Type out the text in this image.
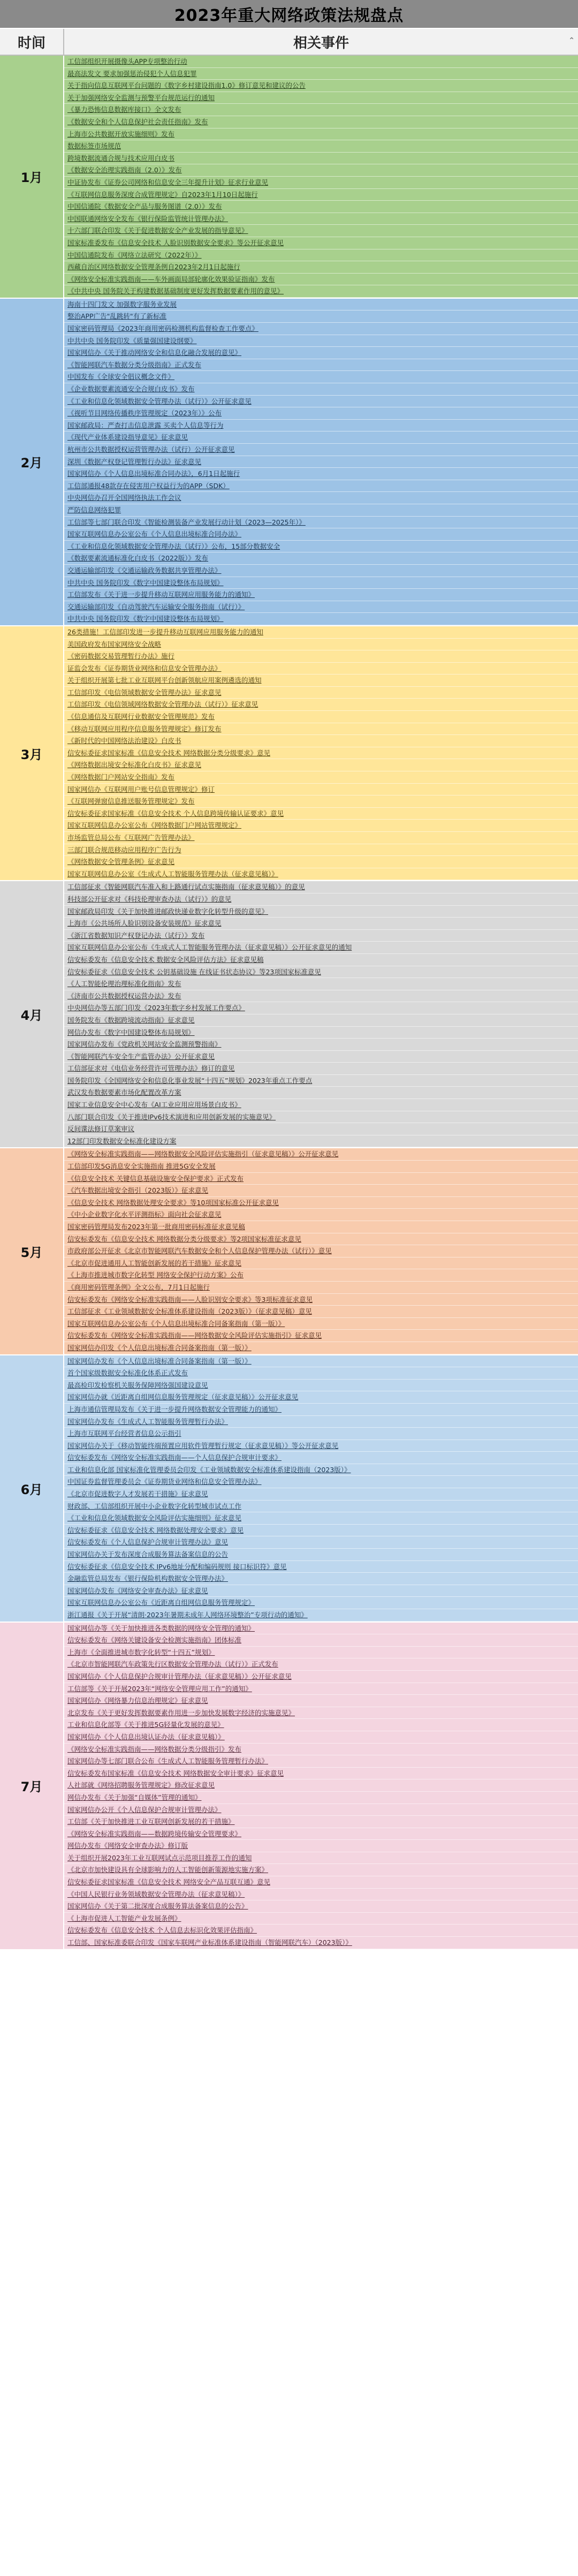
2023年重大网络政策法规盘点
时间	相关事件	⌃
1月
工信部组织开展摄像头APP专项整治行动
最高法发文 要求加强惩治侵犯个人信息犯罪
关于指向信息互联网平台问题的《数字乡村建设指南1.0》修订意见和建议的公告
关于加强网络安全监测与预警平台规范运行的通知
《暴力恐怖信息数据库接口》全文发布
《数据安全和个人信息保护社会责任指南》发布
上海市公共数据开放实施细则》发布
数据标签市场规范
跨境数据流通合规与技术应用白皮书
《数据安全治理实践指南（2.0）》发布
中证协发布《证券公司网络和信息安全三年提升计划》征求行业意见
《互联网信息服务深度合成管理规定》自2023年1月10日起施行
中国信通院《数据安全产品与服务图谱（2.0）》发布
中国联通网络安全发布《银行保险监管统计管理办法》
十六部门联合印发《关于促进数据安全产业发展的指导意见》
国家标准委发布《信息安全技术 人脸识别数据安全要求》等公开征求意见
中国信通院发布《网络立法研究（2022年）》
西藏自治区网络数据安全管理条例自2023年2月1日起施行
《网络安全标准实践指南——车外画面局部轮廓化效果验证指南》发布
《中共中央 国务院关于构建数据基础制度更好发挥数据要素作用的意见》
2月
海南十四门发文 加强数字服务业发展
整治APP广告"乱跳转"有了新标准
国家密码管理局《2023年商用密码检测机构监督检查工作要点》
中共中央 国务院印发《质量强国建设纲要》
国家网信办《关于推动网络安全和信息化融合发展的意见》
《智能网联汽车数据分类分级指南》正式发布
中国发布《全球安全倡议概念文件》
《企业数据要素流通安全合规白皮书》发布
《工业和信息化领域数据安全管理办法（试行）》公开征求意见
《视听节目网络传播秩序管理规定（2023年）》公布
国家邮政局：严查打击信息泄露 买卖个人信息等行为
《现代产业体系建设指导意见》征求意见
杭州市公共数据授权运营管理办法（试行）公开征求意见
深圳《数据产权登记管理暂行办法》征求意见
国家网信办《个人信息出境标准合同办法》，6月1日起施行
工信部通报48款存在侵害用户权益行为的APP（SDK）
中央网信办召开全国网络执法工作会议
严防信息网络犯罪
工信部等七部门联合印发《智能检测装备产业发展行动计划（2023—2025年）》
国家互联网信息办公室公布《个人信息出境标准合同办法》
《工业和信息化领域数据安全管理办法（试行）》公布，15部分数据安全
《数据要素流通标准化白皮书（2022版）》发布
交通运输部印发《交通运输政务数据共享管理办法》
中共中央 国务院印发《数字中国建设整体布局规划》
工信部发布《关于进一步提升移动互联网应用服务能力的通知》
交通运输部印发《自动驾驶汽车运输安全服务指南（试行）》
中共中央 国务院印发《数字中国建设整体布局规划》
3月
26类措施！工信部印发进一步提升移动互联网应用服务能力的通知
美国政府发布国家网络安全战略
《密码数据交易管理暂行办法》施行
证监会发布《证券期货业网络和信息安全管理办法》
关于组织开展第七批工业互联网平台创新领航应用案例遴选的通知
工信部印发《电信领域数据安全管理办法》征求意见
工信部印发《电信领域网络数据安全管理办法（试行）》征求意见
《信息通信及互联网行业数据安全管理规范》发布
《移动互联网应用程序信息服务管理规定》修订发布
《新时代的中国网络法治建设》白皮书
信安标委征求国家标准《信息安全技术 网络数据分类分级要求》意见
《网络数据出境安全标准化白皮书》征求意见
《网络数据门户网站安全指南》发布
国家网信办《互联网用户账号信息管理规定》修订
《互联网弹窗信息推送服务管理规定》发布
信安标委征求国家标准《信息安全技术 个人信息跨境传输认证要求》意见
国家互联网信息办公室公布《网络数据门户网站管理规定》
市场监管总局公布《互联网广告管理办法》
三部门联合规范移动应用程序广告行为
《网络数据安全管理条例》征求意见
国家互联网信息办公室《生成式人工智能服务管理办法（征求意见稿）》
4月
工信部征求《智能网联汽车准入和上路通行试点实施指南（征求意见稿）》的意见
科技部公开征求对《科技伦理审查办法（试行）》的意见
国家邮政局印发《关于加快推进邮政快递业数字化转型升级的意见》
上海市《公共场所人脸识别设备安装规范》征求意见
《浙江省数据知识产权登记办法（试行）》发布
国家互联网信息办公室公布《生成式人工智能服务管理办法（征求意见稿）》公开征求意见的通知
信安标委发布《信息安全技术 数据安全风险评估方法》征求意见稿
信安标委征求《信息安全技术 公钥基础设施 在线证书状态协议》等23项国家标准意见
《人工智能伦理治理标准化指南》发布
《济南市公共数据授权运营办法》发布
中央网信办等五部门印发《2023年数字乡村发展工作要点》
国务院发布《数据跨境流动指南》征求意见
网信办发布《数字中国建设整体布局规划》
国家网信办发布《党政机关网站安全监测预警指南》
《智能网联汽车安全生产监管办法》公开征求意见
工信部征求对《电信业务经营许可管理办法》修订的意见
国务院印发《全国网络安全和信息化事业发展“十四五”规划》2023年重点工作要点
武汉发布数据要素市场化配置改革方案
国家工业信息安全中心发布《AI工业应用应用场景白皮书》
八部门联合印发《关于推进IPv6技术演进和应用创新发展的实施意见》
反间谍法修订草案审议
12部门印发数据安全标准化建设方案
5月
《网络安全标准实践指南——网络数据安全风险评估实施指引（征求意见稿）》公开征求意见
工信部印发5G消息安全实施指南 推进5G安全发展
《信息安全技术 关键信息基础设施安全保护要求》正式发布
《汽车数据出境安全指引（2023版）》征求意见
《信息安全技术 网络数据处理安全要求》等10项国家标准公开征求意见
《中小企业数字化水平评测指标》面向社会征求意见
国家密码管理局发布2023年第一批商用密码标准征求意见稿
信安标委发布《信息安全技术 网络数据分类分级要求》等2项国家标准征求意见
市政府部公开征求《北京市智能网联汽车数据安全和个人信息保护管理办法（试行）》意见
《北京市促进通用人工智能创新发展的若干措施》征求意见
《上海市推进城市数字化转型 网络安全保护行动方案》公布
《商用密码管理条例》全文公布，7月1日起施行
信安标委发布《网络安全标准实践指南——人脸识别安全要求》等3项标准征求意见
工信部征求《工业领域数据安全标准体系建设指南（2023版）》（征求意见稿）意见
国家互联网信息办公室公布《个人信息出境标准合同备案指南（第一版）》
信安标委发布《网络安全标准实践指南——网络数据安全风险评估实施指引》征求意见
国家网信办印发《个人信息出境标准合同备案指南（第一版）》
6月
国家网信办发布《个人信息出境标准合同备案指南（第一版）》
首个国家级数据安全标准化体系正式发布
最高检印发检察机关服务保障网络强国建设意见
国家网信办就《近距离自组网信息服务管理规定（征求意见稿）》公开征求意见
上海市通信管理局发布《关于进一步提升网络数据安全管理能力的通知》
国家网信办发布《生成式人工智能服务管理暂行办法》
上海市互联网平台经营者信息公示指引
国家网信办关于《移动智能终端预置应用软件管理暂行规定（征求意见稿）》等公开征求意见
信安标委发布《网络安全标准实践指南——个人信息保护合规审计要求》
工业和信息化部 国家标准化管理委员会印发《工业领域数据安全标准体系建设指南（2023版）》
中国证券监督管理委员会《证券期货业网络和信息安全管理办法》
《北京市促进数字人才发展若干措施》征求意见
财政部、工信部组织开展中小企业数字化转型城市试点工作
《工业和信息化领域数据安全风险评估实施细则》征求意见
信安标委征求《信息安全技术 网络数据处理安全要求》意见
信安标委发布《个人信息保护合规审计管理办法》意见
国家网信办关于发布深度合成服务算法备案信息的公告
信安标委征求《信息安全技术 IPv6地址分配和编码规则 接口标识符》意见
金融监管总局发布《银行保险机构数据安全管理办法》
国家网信办发布《网络安全审查办法》征求意见
国家互联网信息办公室公布《近距离自组网信息服务管理规定》
浙江通报《关于开展“清朗·2023年暑期未成年人网络环境整治”专项行动的通知》
7月
国家网信办等《关于加快推进各类数据的网络安全管理的通知》
信安标委发布《网络关键设备安全检测实施指南》团体标准
上海市《全面推进城市数字化转型“十四五”规划》
《北京市智能网联汽车政策先行区数据安全管理办法（试行）》正式发布
国家网信办《个人信息保护合规审计管理办法（征求意见稿）》公开征求意见
工信部等《关于开展2023年“网络安全管理应用工作”的通知》
国家网信办《网络暴力信息治理规定》征求意见
北京发布《关于更好发挥数据要素作用进一步加快发展数字经济的实施意见》
工业和信息化部等《关于推进5G轻量化发展的意见》
国家网信办《个人信息出境认证办法（征求意见稿）》
《网络安全标准实践指南——网络数据分类分级指引》发布
国家网信办等七部门联合公布《生成式人工智能服务管理暂行办法》
信安标委发布国家标准《信息安全技术 网络数据安全审计要求》征求意见
人社部就《网络招聘服务管理规定》修改征求意见
网信办发布《关于加强“自媒体”管理的通知》
国家网信办公开《个人信息保护合规审计管理办法》
工信部《关于加快推进工业互联网创新发展的若干措施》
《网络安全标准实践指南——数据跨境传输安全管理要求》
网信办发布《网络安全审查办法》修订版
关于组织开展2023年工业互联网试点示范项目推荐工作的通知
《北京市加快建设具有全球影响力的人工智能创新策源地实施方案》
信安标委征求国家标准《信息安全技术 网络安全产品互联互通》意见
《中国人民银行业务领域数据安全管理办法（征求意见稿）》
国家网信办《关于第二批深度合成服务算法备案信息的公告》
《上海市促进人工智能产业发展条例》
信安标委发布《信息安全技术 个人信息去标识化效果评估指南》
工信部、国家标准委联合印发《国家车联网产业标准体系建设指南（智能网联汽车）（2023版）》
